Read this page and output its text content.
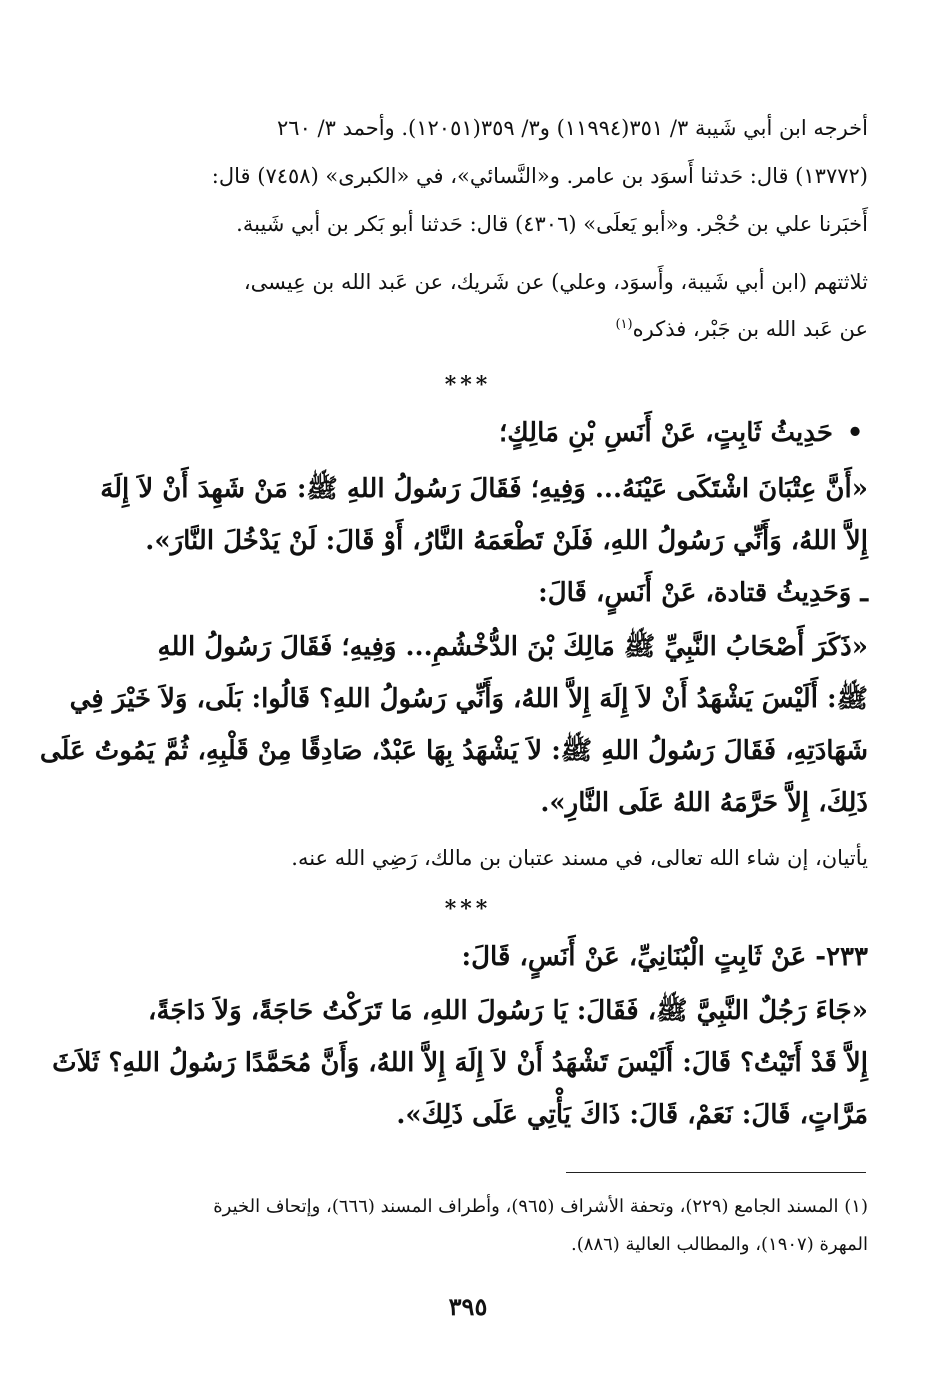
أخرجه ابن أبي شَيبة ٣/ ٣٥١(١١٩٩٤) و٣/ ٣٥٩(١٢٠٥١). وأحمد ٣/ ٢٦٠
(١٣٧٧٢) قال: حَدثنا أَسوَد بن عامر. و«النَّسائي»، في «الكبرى» (٧٤٥٨) قال:
أَخبَرنا علي بن حُجْر. و«أبو يَعلَى» (٤٣٠٦) قال: حَدثنا أبو بَكر بن أبي شَيبة.
ثلاثتهم (ابن أبي شَيبة، وأَسوَد، وعلي) عن شَريك، عن عَبد الله بن عِيسى،
عن عَبد الله بن جَبْر، فذكره$^{(١)}$
***
• حَدِيثُ ثَابِتٍ، عَنْ أَنَسِ بْنِ مَالِكٍ؛
«أَنَّ عِتْبَانَ اشْتَكَى عَيْنَهُ... وَفِيهِ؛ فَقَالَ رَسُولُ اللهِ ﷺ: مَنْ شَهِدَ أَنْ لاَ إِلَهَ
إِلاَّ اللهُ، وَأَنِّي رَسُولُ اللهِ، فَلَنْ تَطْعَمَهُ النَّارُ، أَوْ قَالَ: لَنْ يَدْخُلَ النَّارَ».
ـ وَحَدِيثُ قتادة، عَنْ أَنَسٍ، قَالَ:
«ذَكَرَ أَصْحَابُ النَّبِيِّ ﷺ مَالِكَ بْنَ الدُّخْشُمِ... وَفِيهِ؛ فَقَالَ رَسُولُ اللهِ
ﷺ: أَلَيْسَ يَشْهَدُ أَنْ لاَ إِلَهَ إِلاَّ اللهُ، وَأَنِّي رَسُولُ اللهِ؟ قَالُوا: بَلَى، وَلاَ خَيْرَ فِي
شَهَادَتِهِ، فَقَالَ رَسُولُ اللهِ ﷺ: لاَ يَشْهَدُ بِهَا عَبْدٌ، صَادِقًا مِنْ قَلْبِهِ، ثُمَّ يَمُوتُ عَلَى
ذَلِكَ، إِلاَّ حَرَّمَهُ اللهُ عَلَى النَّارِ».
يأتيان، إن شاء الله تعالى، في مسند عتبان بن مالك، رَضِي الله عنه.
***
٢٣٣- عَنْ ثَابِتٍ الْبُنَانِيِّ، عَنْ أَنَسٍ، قَالَ:
«جَاءَ رَجُلٌ النَّبِيَّ ﷺ، فَقَالَ: يَا رَسُولَ اللهِ، مَا تَرَكْتُ حَاجَةً، وَلاَ دَاجَةً،
إِلاَّ قَدْ أَتَيْتُ؟ قَالَ: أَلَيْسَ تَشْهَدُ أَنْ لاَ إِلَهَ إِلاَّ اللهُ، وَأَنَّ مُحَمَّدًا رَسُولُ اللهِ؟ ثَلاَثَ
مَرَّاتٍ، قَالَ: نَعَمْ، قَالَ: ذَاكَ يَأْتِي عَلَى ذَلِكَ».
(١) المسند الجامع (٢٢٩)، وتحفة الأشراف (٩٦٥)، وأطراف المسند (٦٦٦)، وإتحاف الخيرة
المهرة (١٩٠٧)، والمطالب العالية (٨٨٦).
٣٩٥
